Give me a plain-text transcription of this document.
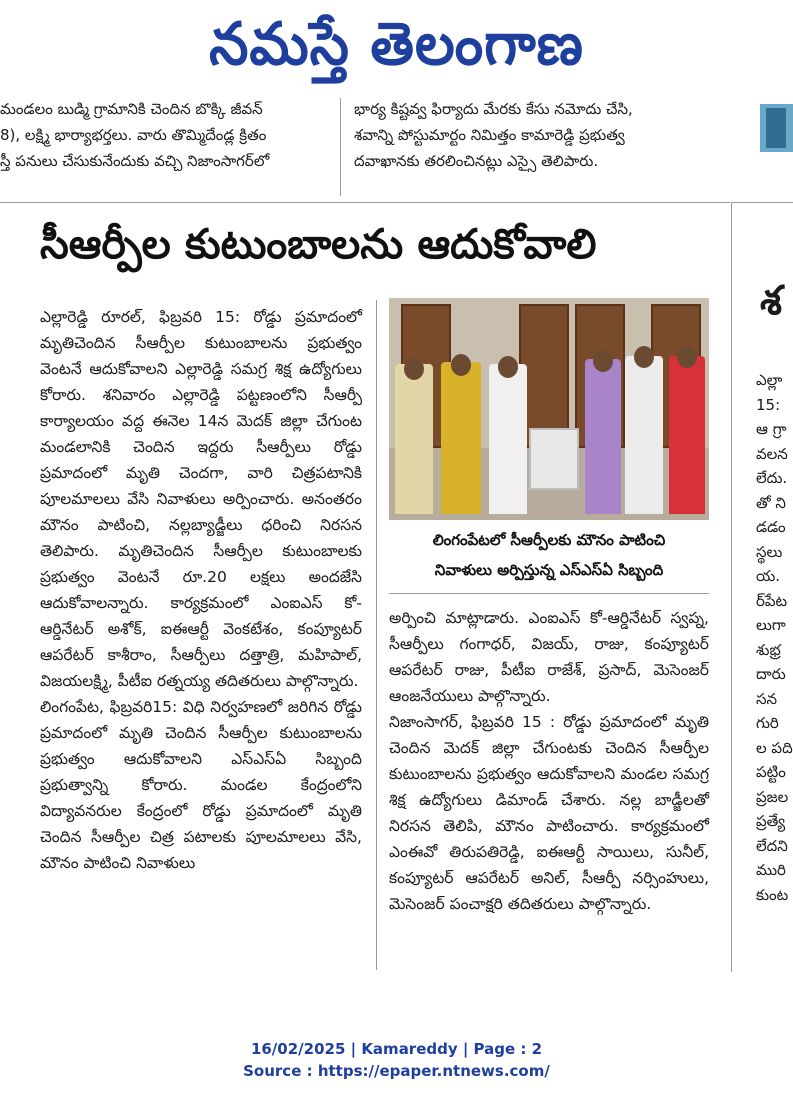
నమస్తే తెలంగాణ

మండలం బుడ్మి గ్రామానికి చెందిన బొక్కి జీవన్

8), లక్ష్మి భార్యాభర్తలు. వారు తొమ్మిదేండ్ల క్రితం

స్తీ పనులు చేసుకునేందుకు వచ్చి నిజాంసాగర్‌లో

భార్య కిష్టవ్వ ఫిర్యాదు మేరకు కేసు నమోదు చేసి,

శవాన్ని పోస్టుమార్టం నిమిత్తం కామారెడ్డి ప్రభుత్వ

దవాఖానకు తరలించినట్లు ఎస్సై తెలిపారు.

సీఆర్పీల కుటుంబాలను ఆదుకోవాలి

ఎల్లారెడ్డి రూరల్, ఫిబ్రవరి 15: రోడ్డు ప్రమాదంలో మృతిచెందిన సీఆర్పీల కుటుంబాలను ప్రభుత్వం వెంటనే ఆదుకోవాలని ఎల్లారెడ్డి సమగ్ర శిక్ష ఉద్యోగులు కోరారు. శనివారం ఎల్లారెడ్డి పట్టణంలోని సీఆర్పీ కార్యాలయం వద్ద ఈనెల 14న మెదక్ జిల్లా చేగుంట మండలానికి చెందిన ఇద్దరు సీఆర్పీలు రోడ్డు ప్రమాదంలో మృతి చెందగా, వారి చిత్రపటానికి పూలమాలలు వేసి నివాళులు అర్పించారు. అనంతరం మౌనం పాటించి, నల్లబ్యాడ్జీలు ధరించి నిరసన తెలిపారు. మృతిచెందిన సీఆర్పీల కుటుంబాలకు ప్రభుత్వం వెంటనే రూ.20 లక్షలు అందజేసి ఆదుకోవాలన్నారు. కార్యక్రమంలో ఎంఐఎస్ కో-ఆర్డినేటర్ అశోక్, ఐఈఆర్టీ వెంకటేశం, కంప్యూటర్ ఆపరేటర్ కాశీరాం, సీఆర్పీలు దత్తాత్రి, మహిపాల్, విజయలక్ష్మి, పీటీఐ రత్నయ్య తదితరులు పాల్గొన్నారు.

లింగంపేట, ఫిబ్రవరి15: విధి నిర్వహణలో జరిగిన రోడ్డు ప్రమాదంలో మృతి చెందిన సీఆర్పీల కుటుంబాలను ప్రభుత్వం ఆదుకోవాలని ఎస్ఎస్ఏ సిబ్బంది ప్రభుత్వాన్ని కోరారు. మండల కేంద్రంలోని విద్యావనరుల కేంద్రంలో రోడ్డు ప్రమాదంలో మృతి చెందిన సీఆర్పీల చిత్ర పటాలకు పూలమాలలు వేసి, మౌనం పాటించి నివాళులు

లింగంపేటలో సీఆర్పీలకు మౌనం పాటించి
నివాళులు అర్పిస్తున్న ఎస్ఎస్ఏ సిబ్బంది

అర్పించి మాట్లాడారు. ఎంఐఎస్ కో-ఆర్డినేటర్ స్వప్న, సీఆర్పీలు గంగాధర్, విజయ్, రాజు, కంప్యూటర్ ఆపరేటర్ రాజు, పీటీఐ రాజేశ్, ప్రసాద్, మెసెంజర్ ఆంజనేయులు పాల్గొన్నారు.

నిజాంసాగర్, ఫిబ్రవరి 15 : రోడ్డు ప్రమాదంలో మృతి చెందిన మెదక్ జిల్లా చేగుంటకు చెందిన సీఆర్పీల కుటుంబాలను ప్రభుత్వం ఆదుకోవాలని మండల సమగ్ర శిక్ష ఉద్యోగులు డిమాండ్ చేశారు. నల్ల బాడ్జీలతో నిరసన తెలిపి, మౌనం పాటించారు. కార్యక్రమంలో ఎంఈవో తిరుపతిరెడ్డి, ఐఈఆర్టీ సాయిలు, సునీల్, కంప్యూటర్ ఆపరేటర్ అనిల్, సీఆర్పీ నర్సింహులు, మెసెంజర్ పంచాక్షరి తదితరులు పాల్గొన్నారు.

శ
ఎల్లా
15:
ఆ గ్రా
వలన
లేదు.
తో ని
డడం
స్థలు
య.
ర్‌పేట
లుగా
శుభ్ర
దారు
సన
గురి
ల పది
పట్టిం
ప్రజల
ప్రత్యే
లేదని
మురి
కుంట
16/02/2025 | Kamareddy | Page : 2
Source : https://epaper.ntnews.com/
